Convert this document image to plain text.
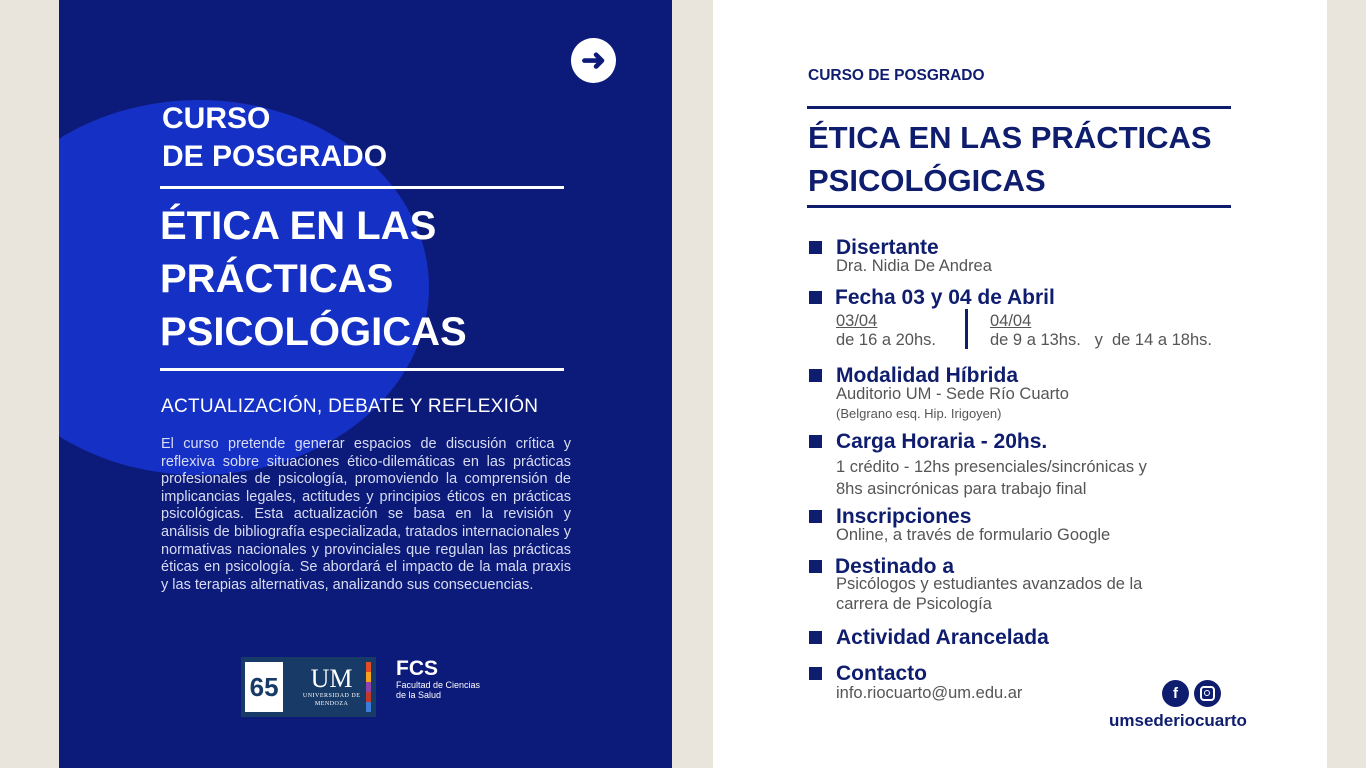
➜
CURSO
DE POSGRADO
ÉTICA EN LAS
PRÁCTICAS
PSICOLÓGICAS
ACTUALIZACIÓN, DEBATE Y REFLEXIÓN
El curso pretende generar espacios de discusión crítica y reflexiva sobre situaciones ético-dilemáticas en las prácticas profesionales de psicología, promoviendo la comprensión de implicancias legales, actitudes y principios éticos en prácticas psicológicas. Esta actualización se basa en la revisión y análisis de bibliografía especializada, tratados internacionales y normativas nacionales y provinciales que regulan las prácticas éticas en psicología. Se abordará el impacto de la mala praxis y las terapias alternativas, analizando sus consecuencias.
65	UM
UNIVERSIDAD DE MENDOZA
FCS
Facultad de Ciencias
de la Salud
CURSO DE POSGRADO
ÉTICA EN LAS PRÁCTICAS
PSICOLÓGICAS
Disertante
Dra. Nidia De Andrea
Fecha 03 y 04 de Abril
03/04
de 16 a 20hs.
04/04
de 9 a 13hs.   y  de 14 a 18hs.
Modalidad Híbrida
Auditorio UM - Sede Río Cuarto
(Belgrano esq. Hip. Irigoyen)
Carga Horaria - 20hs.
1 crédito - 12hs presenciales/sincrónicas y
8hs asincrónicas para trabajo final
Inscripciones
Online, a través de formulario Google
Destinado a
Psicólogos y estudiantes avanzados de la
carrera de Psicología
Actividad Arancelada
Contacto
info.riocuarto@um.edu.ar	f
umsederiocuarto
